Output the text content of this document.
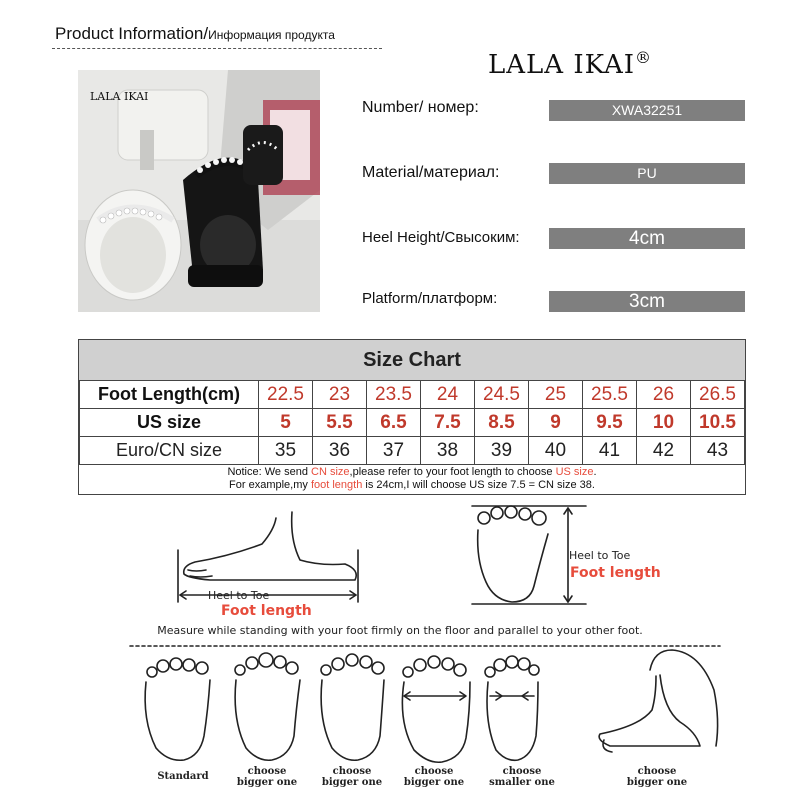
Product Information/Информация продукта
LALA IKAI®
LALA IKAI
Number/ номер:	XWA32251
Material/материал:	PU
Heel Height/Свысоким:	4cm
Platform/платформ:	3cm
Size Chart
Foot Length(cm)	22.5	23	23.5	24	24.5	25	25.5	26	26.5
US size	5	5.5	6.5	7.5	8.5	9	9.5	10	10.5
Euro/CN size	35	36	37	38	39	40	41	42	43
Notice: We send CN size,please refer to your foot length to choose US size.
For example,my foot length is 24cm,I will choose US size 7.5 = CN size 38.
Heel to Toe
Foot length
Heel to Toe
Foot length
Measure while standing with your foot firmly on the floor and parallel to your other foot.
Standard	choose
bigger one
choose
bigger one
choose
bigger one
choose
smaller one
choose
bigger one
